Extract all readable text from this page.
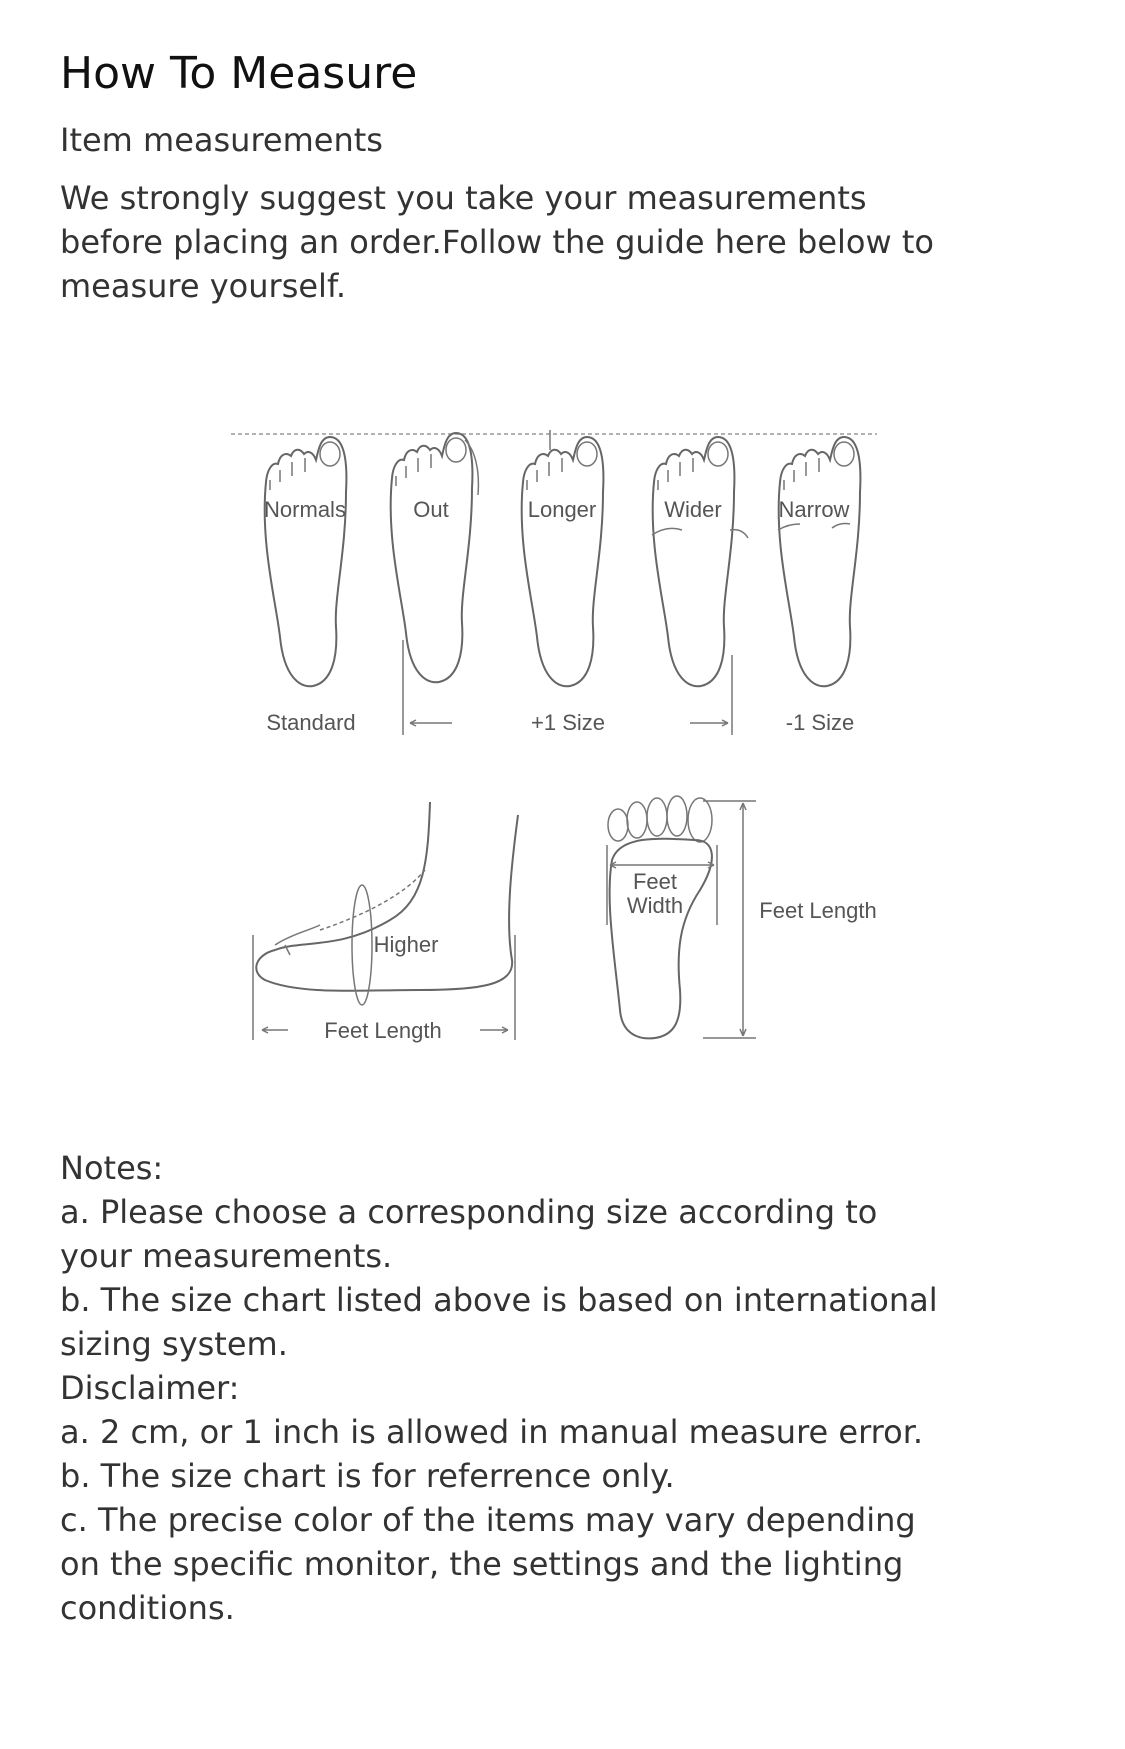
How To Measure
Item measurements
We strongly suggest you take your measurements
before placing an order.Follow the guide here below to
measure yourself.
Normals	Out	Longer	Wider	Narrow
Standard	+1 Size	-1 Size
Higher
Feet Length
Feet
Width	Feet Length
Notes:
a. Please choose a corresponding size according to
your measurements.
b. The size chart listed above is based on international
sizing system.
Disclaimer:
a. 2 cm, or 1 inch is allowed in manual measure error.
b. The size chart is for referrence only.
c. The precise color of the items may vary depending
on the specific monitor, the settings and the lighting
conditions.
